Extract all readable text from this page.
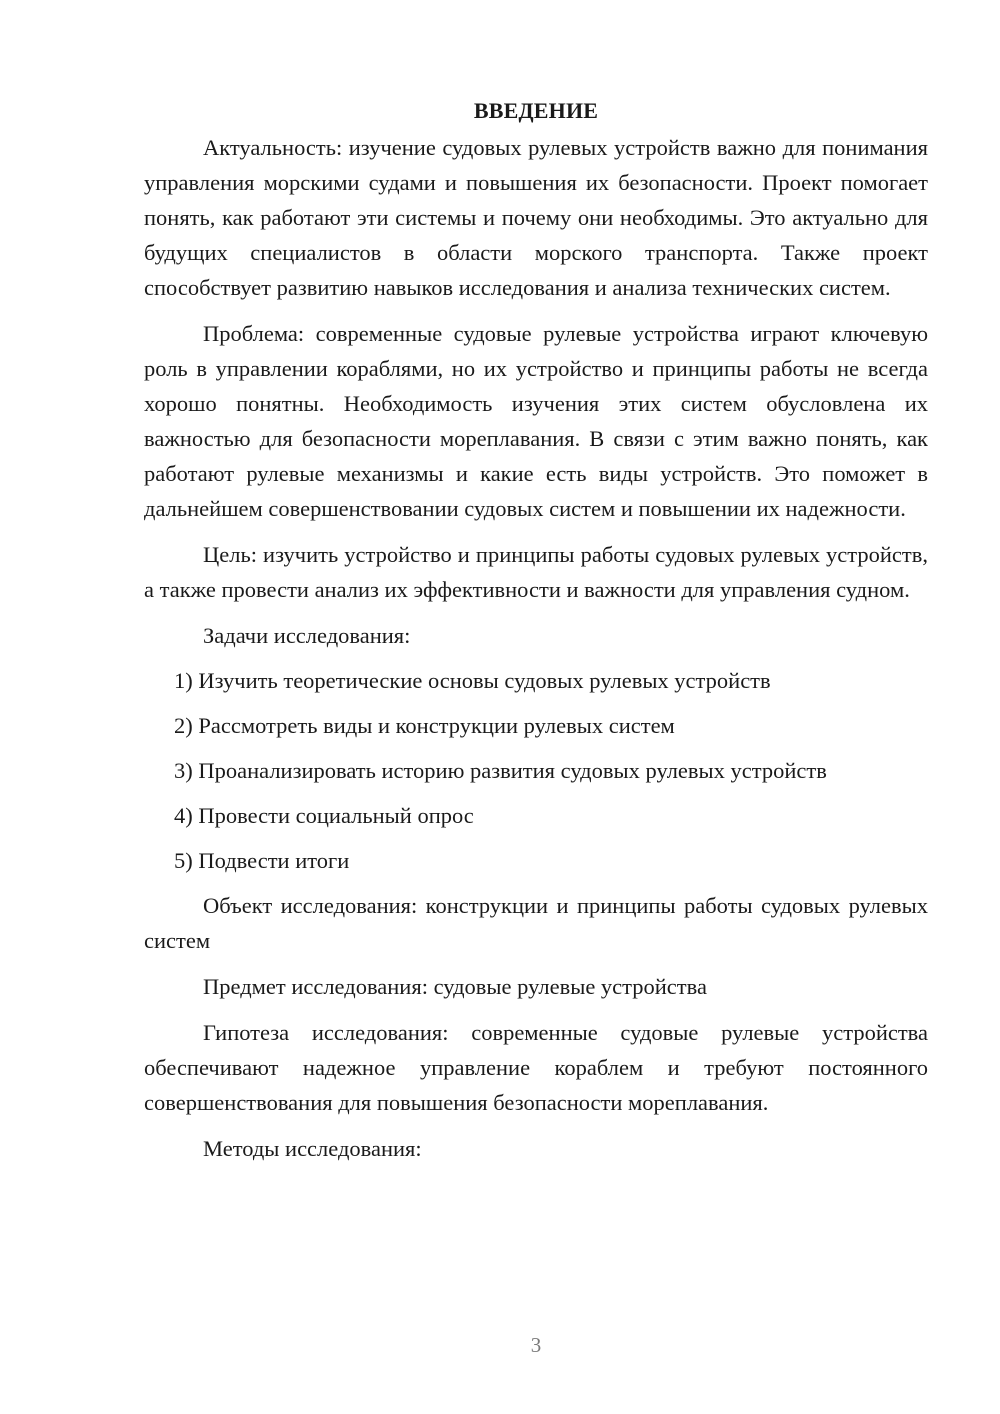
ВВЕДЕНИЕ

Актуальность: изучение судовых рулевых устройств важно для понимания управления морскими судами и повышения их безопасности. Проект помогает понять, как работают эти системы и почему они необходимы. Это актуально для будущих специалистов в области морского транспорта. Также проект способствует развитию навыков исследования и анализа технических систем.

Проблема: современные судовые рулевые устройства играют ключевую роль в управлении кораблями, но их устройство и принципы работы не всегда хорошо понятны. Необходимость изучения этих систем обусловлена их важностью для безопасности мореплавания. В связи с этим важно понять, как работают рулевые механизмы и какие есть виды устройств. Это поможет в дальнейшем совершенствовании судовых систем и повышении их надежности.

Цель: изучить устройство и принципы работы судовых рулевых устройств, а также провести анализ их эффективности и важности для управления судном.

Задачи исследования:
1) Изучить теоретические основы судовых рулевых устройств
2) Рассмотреть виды и конструкции рулевых систем
3) Проанализировать историю развития судовых рулевых устройств
4) Провести социальный опрос
5) Подвести итоги

Объект исследования: конструкции и принципы работы судовых рулевых систем

Предмет исследования: судовые рулевые устройства

Гипотеза исследования: современные судовые рулевые устройства обеспечивают надежное управление кораблем и требуют постоянного совершенствования для повышения безопасности мореплавания.

Методы исследования:
3
